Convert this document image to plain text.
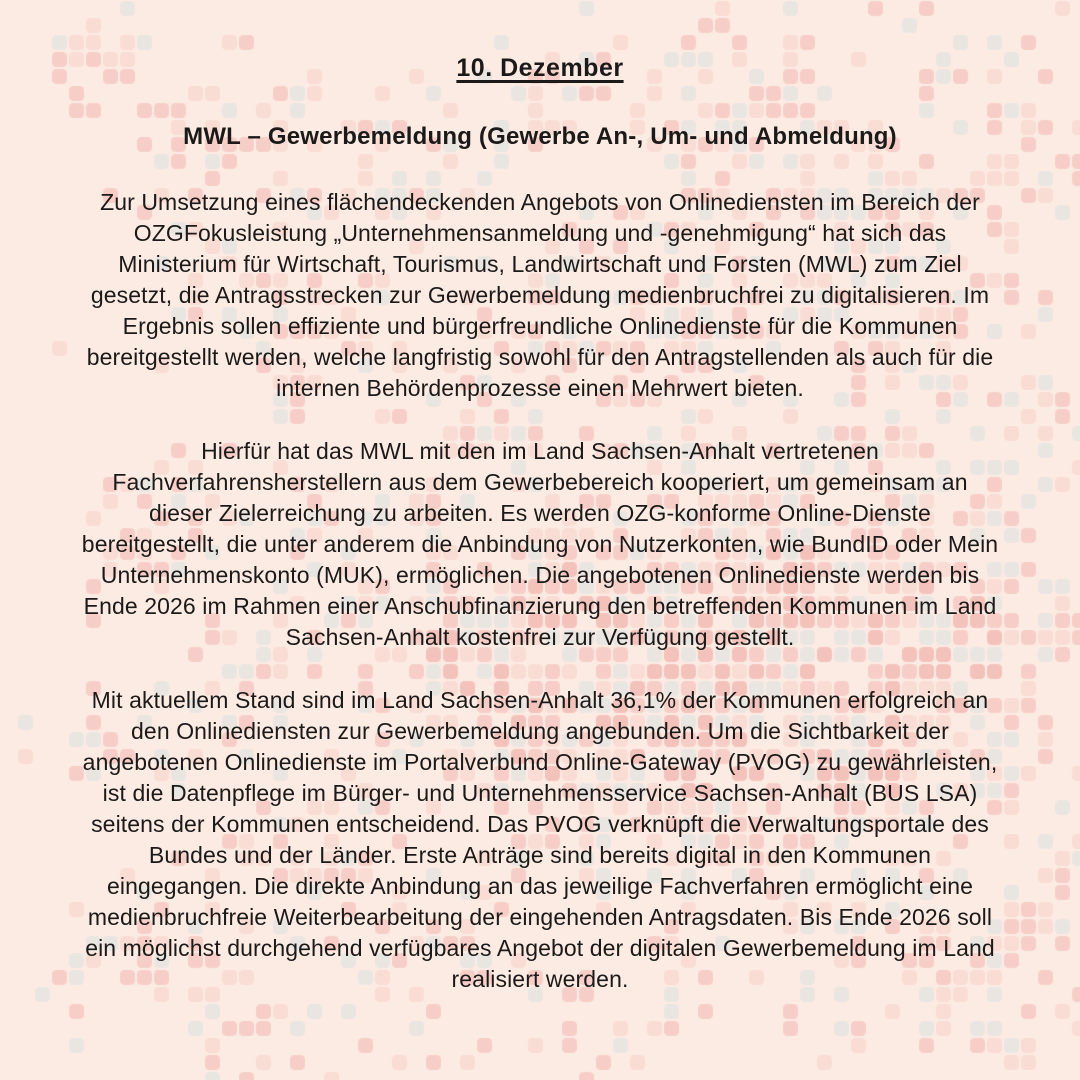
10. Dezember
MWL – Gewerbemeldung (Gewerbe An-, Um- und Abmeldung)

Zur Umsetzung eines flächendeckenden Angebots von Onlinediensten im Bereich der OZGFokusleistung „Unternehmensanmeldung und -genehmigung“ hat sich das Ministerium für Wirtschaft, Tourismus, Landwirtschaft und Forsten (MWL) zum Ziel gesetzt, die Antragsstrecken zur Gewerbemeldung medienbruchfrei zu digitalisieren. Im Ergebnis sollen effiziente und bürgerfreundliche Onlinedienste für die Kommunen bereitgestellt werden, welche langfristig sowohl für den Antragstellenden als auch für die internen Behördenprozesse einen Mehrwert bieten.

Hierfür hat das MWL mit den im Land Sachsen-Anhalt vertretenen Fachverfahrensherstellern aus dem Gewerbebereich kooperiert, um gemeinsam an dieser Zielerreichung zu arbeiten. Es werden OZG-konforme Online-Dienste bereitgestellt, die unter anderem die Anbindung von Nutzerkonten, wie BundID oder Mein Unternehmenskonto (MUK), ermöglichen. Die angebotenen Onlinedienste werden bis Ende 2026 im Rahmen einer Anschubfinanzierung den betreffenden Kommunen im Land Sachsen-Anhalt kostenfrei zur Verfügung gestellt.

Mit aktuellem Stand sind im Land Sachsen-Anhalt 36,1% der Kommunen erfolgreich an den Onlinediensten zur Gewerbemeldung angebunden. Um die Sichtbarkeit der angebotenen Onlinedienste im Portalverbund Online-Gateway (PVOG) zu gewährleisten, ist die Datenpflege im Bürger- und Unternehmensservice Sachsen-Anhalt (BUS LSA) seitens der Kommunen entscheidend. Das PVOG verknüpft die Verwaltungsportale des Bundes und der Länder. Erste Anträge sind bereits digital in den Kommunen eingegangen. Die direkte Anbindung an das jeweilige Fachverfahren ermöglicht eine medienbruchfreie Weiterbearbeitung der eingehenden Antragsdaten. Bis Ende 2026 soll ein möglichst durchgehend verfügbares Angebot der digitalen Gewerbemeldung im Land realisiert werden.
